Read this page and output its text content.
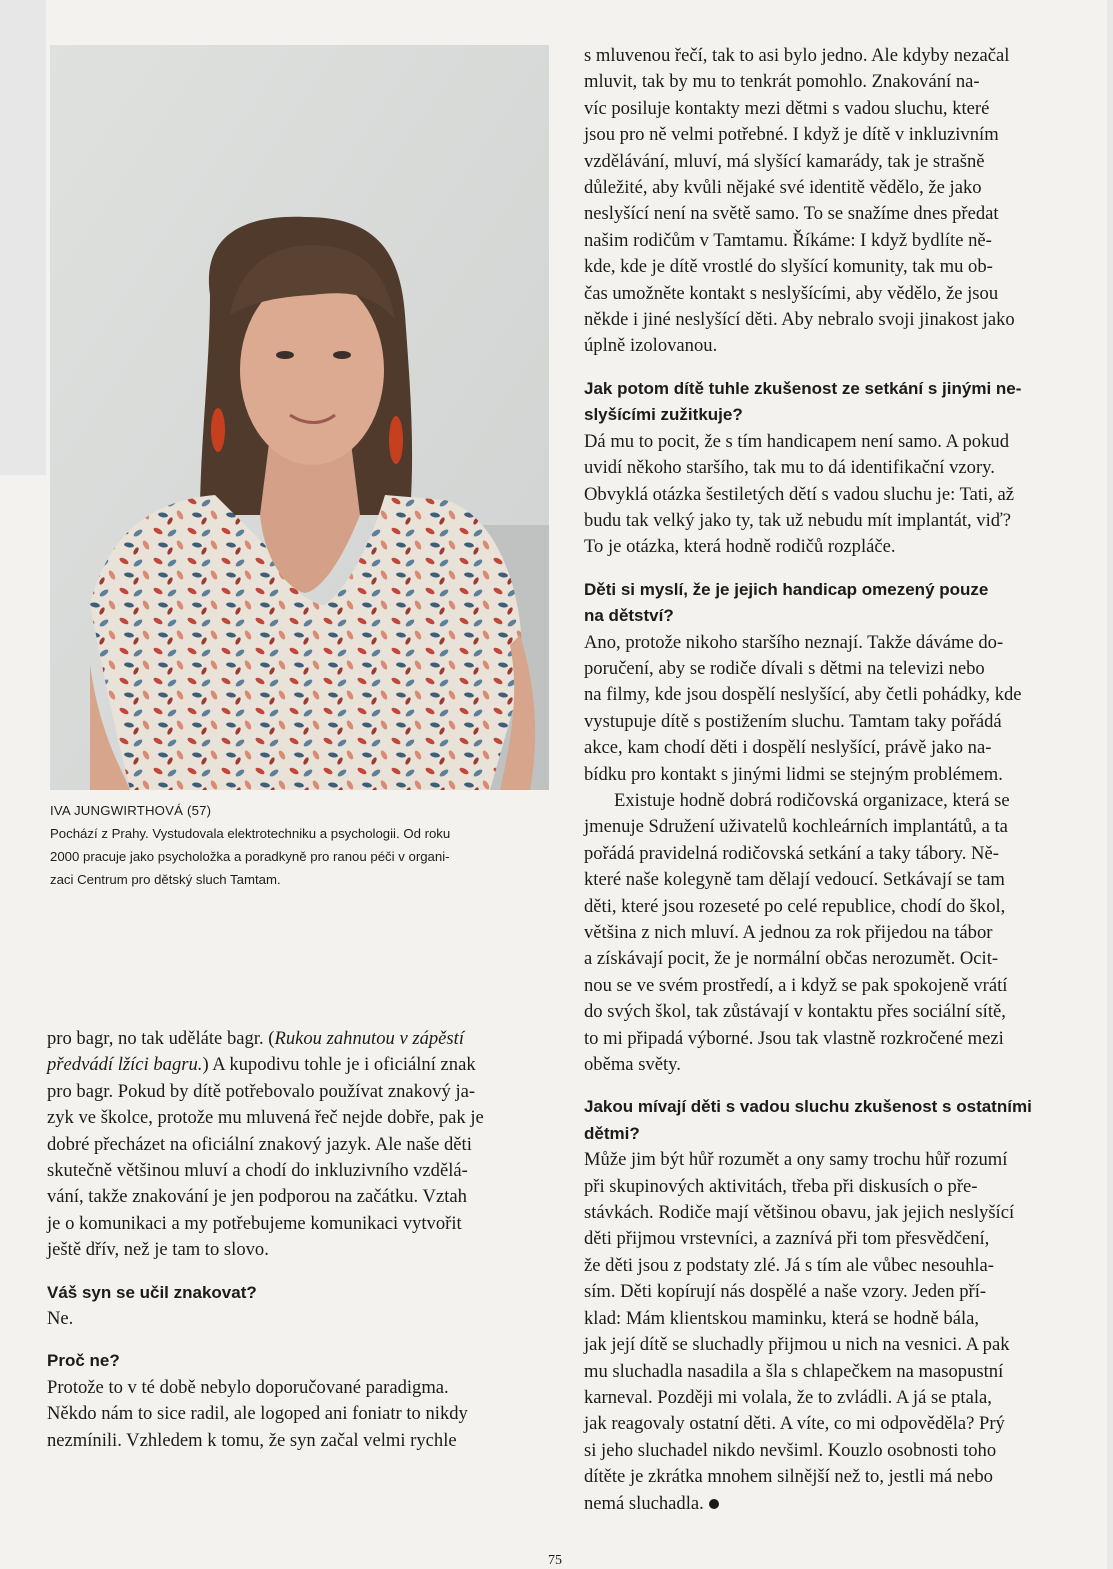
IVA JUNGWIRTHOVÁ (57)
Pochází z Prahy. Vystudovala elektrotechniku a psychologii. Od roku
2000 pracuje jako psycholožka a poradkyně pro ranou péči v organi-
zaci Centrum pro dětský sluch Tamtam.
pro bagr, no tak uděláte bagr. (Rukou zahnutou v zápěstí
předvádí lžíci bagru.) A kupodivu tohle je i oficiální znak
pro bagr. Pokud by dítě potřebovalo používat znakový ja-
zyk ve školce, protože mu mluvená řeč nejde dobře, pak je
dobré přecházet na oficiální znakový jazyk. Ale naše děti
skutečně většinou mluví a chodí do inkluzivního vzdělá-
vání, takže znakování je jen podporou na začátku. Vztah
je o komunikaci a my potřebujeme komunikaci vytvořit
ještě dřív, než je tam to slovo.
Váš syn se učil znakovat?
Ne.
Proč ne?
Protože to v té době nebylo doporučované paradigma.
Někdo nám to sice radil, ale logoped ani foniatr to nikdy
nezmínili. Vzhledem k tomu, že syn začal velmi rychle
s mluvenou řečí, tak to asi bylo jedno. Ale kdyby nezačal
mluvit, tak by mu to tenkrát pomohlo. Znakování na-
víc posiluje kontakty mezi dětmi s vadou sluchu, které
jsou pro ně velmi potřebné. I když je dítě v inkluzivním
vzdělávání, mluví, má slyšící kamarády, tak je strašně
důležité, aby kvůli nějaké své identitě vědělo, že jako
neslyšící není na světě samo. To se snažíme dnes předat
našim rodičům v Tamtamu. Říkáme: I když bydlíte ně-
kde, kde je dítě vrostlé do slyšící komunity, tak mu ob-
čas umožněte kontakt s neslyšícími, aby vědělo, že jsou
někde i jiné neslyšící děti. Aby nebralo svoji jinakost jako
úplně izolovanou.
Jak potom dítě tuhle zkušenost ze setkání s jinými ne-
slyšícími zužitkuje?
Dá mu to pocit, že s tím handicapem není samo. A pokud
uvidí někoho staršího, tak mu to dá identifikační vzory.
Obvyklá otázka šestiletých dětí s vadou sluchu je: Tati, až
budu tak velký jako ty, tak už nebudu mít implantát, viď?
To je otázka, která hodně rodičů rozpláče.
Děti si myslí, že je jejich handicap omezený pouze
na dětství?
Ano, protože nikoho staršího neznají. Takže dáváme do-
poručení, aby se rodiče dívali s dětmi na televizi nebo
na filmy, kde jsou dospělí neslyšící, aby četli pohádky, kde
vystupuje dítě s postižením sluchu. Tamtam taky pořádá
akce, kam chodí děti i dospělí neslyšící, právě jako na-
bídku pro kontakt s jinými lidmi se stejným problémem.
Existuje hodně dobrá rodičovská organizace, která se
jmenuje Sdružení uživatelů kochleárních implantátů, a ta
pořádá pravidelná rodičovská setkání a taky tábory. Ně-
které naše kolegyně tam dělají vedoucí. Setkávají se tam
děti, které jsou rozeseté po celé republice, chodí do škol,
většina z nich mluví. A jednou za rok přijedou na tábor
a získávají pocit, že je normální občas nerozumět. Ocit-
nou se ve svém prostředí, a i když se pak spokojeně vrátí
do svých škol, tak zůstávají v kontaktu přes sociální sítě,
to mi připadá výborné. Jsou tak vlastně rozkročené mezi
oběma světy.
Jakou mívají děti s vadou sluchu zkušenost s ostatními
dětmi?
Může jim být hůř rozumět a ony samy trochu hůř rozumí
při skupinových aktivitách, třeba při diskusích o pře-
stávkách. Rodiče mají většinou obavu, jak jejich neslyšící
děti přijmou vrstevníci, a zaznívá při tom přesvědčení,
že děti jsou z podstaty zlé. Já s tím ale vůbec nesouhla-
sím. Děti kopírují nás dospělé a naše vzory. Jeden pří-
klad: Mám klientskou maminku, která se hodně bála,
jak její dítě se sluchadly přijmou u nich na vesnici. A pak
mu sluchadla nasadila a šla s chlapečkem na masopustní
karneval. Později mi volala, že to zvládli. A já se ptala,
jak reagovaly ostatní děti. A víte, co mi odpověděla? Prý
si jeho sluchadel nikdo nevšiml. Kouzlo osobnosti toho
dítěte je zkrátka mnohem silnější než to, jestli má nebo
nemá sluchadla.
75
